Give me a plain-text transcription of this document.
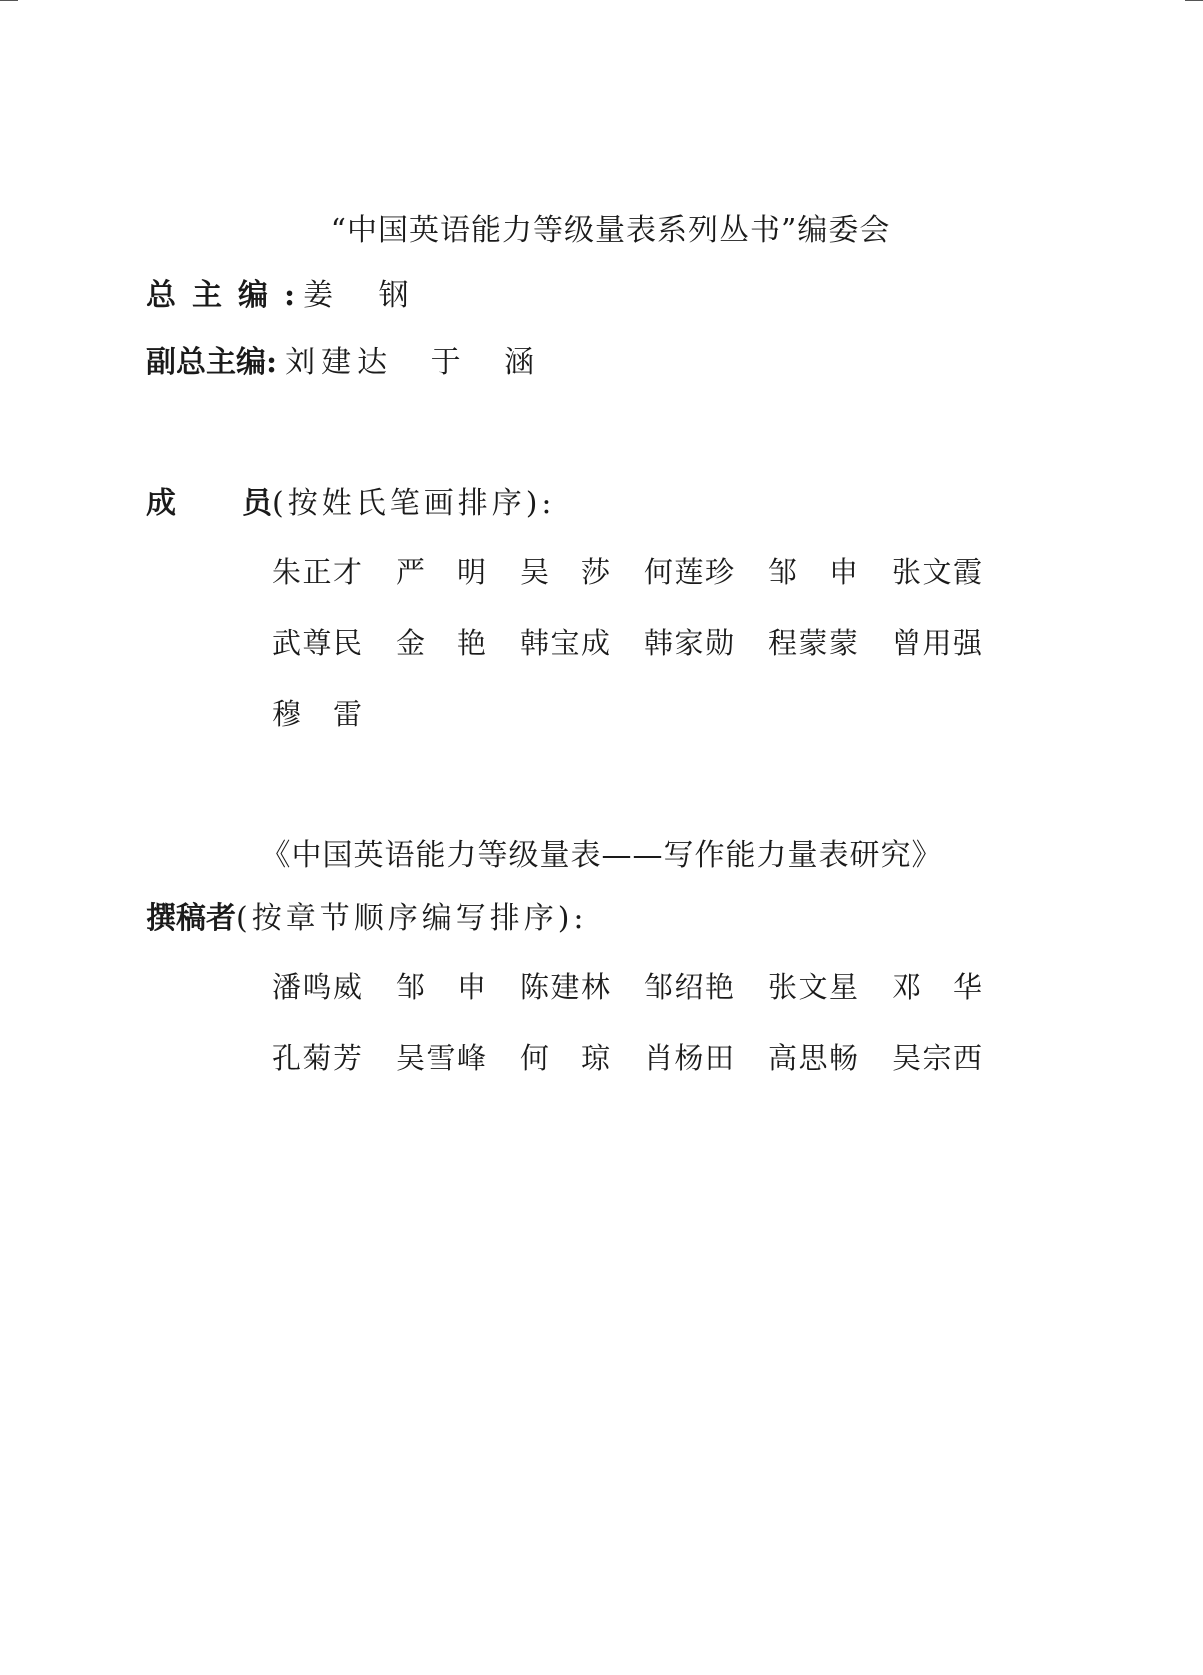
“中国英语能力等级量表系列丛书”编委会
总主编 : 姜 钢
副总主编 : 刘建达 于 涵
成	员 (按姓氏笔画排序):
朱 正 才 严 明 吴 莎 何 莲 珍 邹 申 张 文 霞
武 尊 民 金 艳 韩 宝 成 韩 家 勋 程 蒙 蒙 曾 用 强
穆 雷
《中国英语能力等级量表——写作能力量表研究》
撰稿者 (按章节顺序编写排序):
潘 鸣 威 邹 申 陈 建 林 邹 绍 艳 张 文 星 邓 华
孔 菊 芳 吴 雪 峰 何 琼 肖 杨 田 高 思 畅 吴 宗 西
